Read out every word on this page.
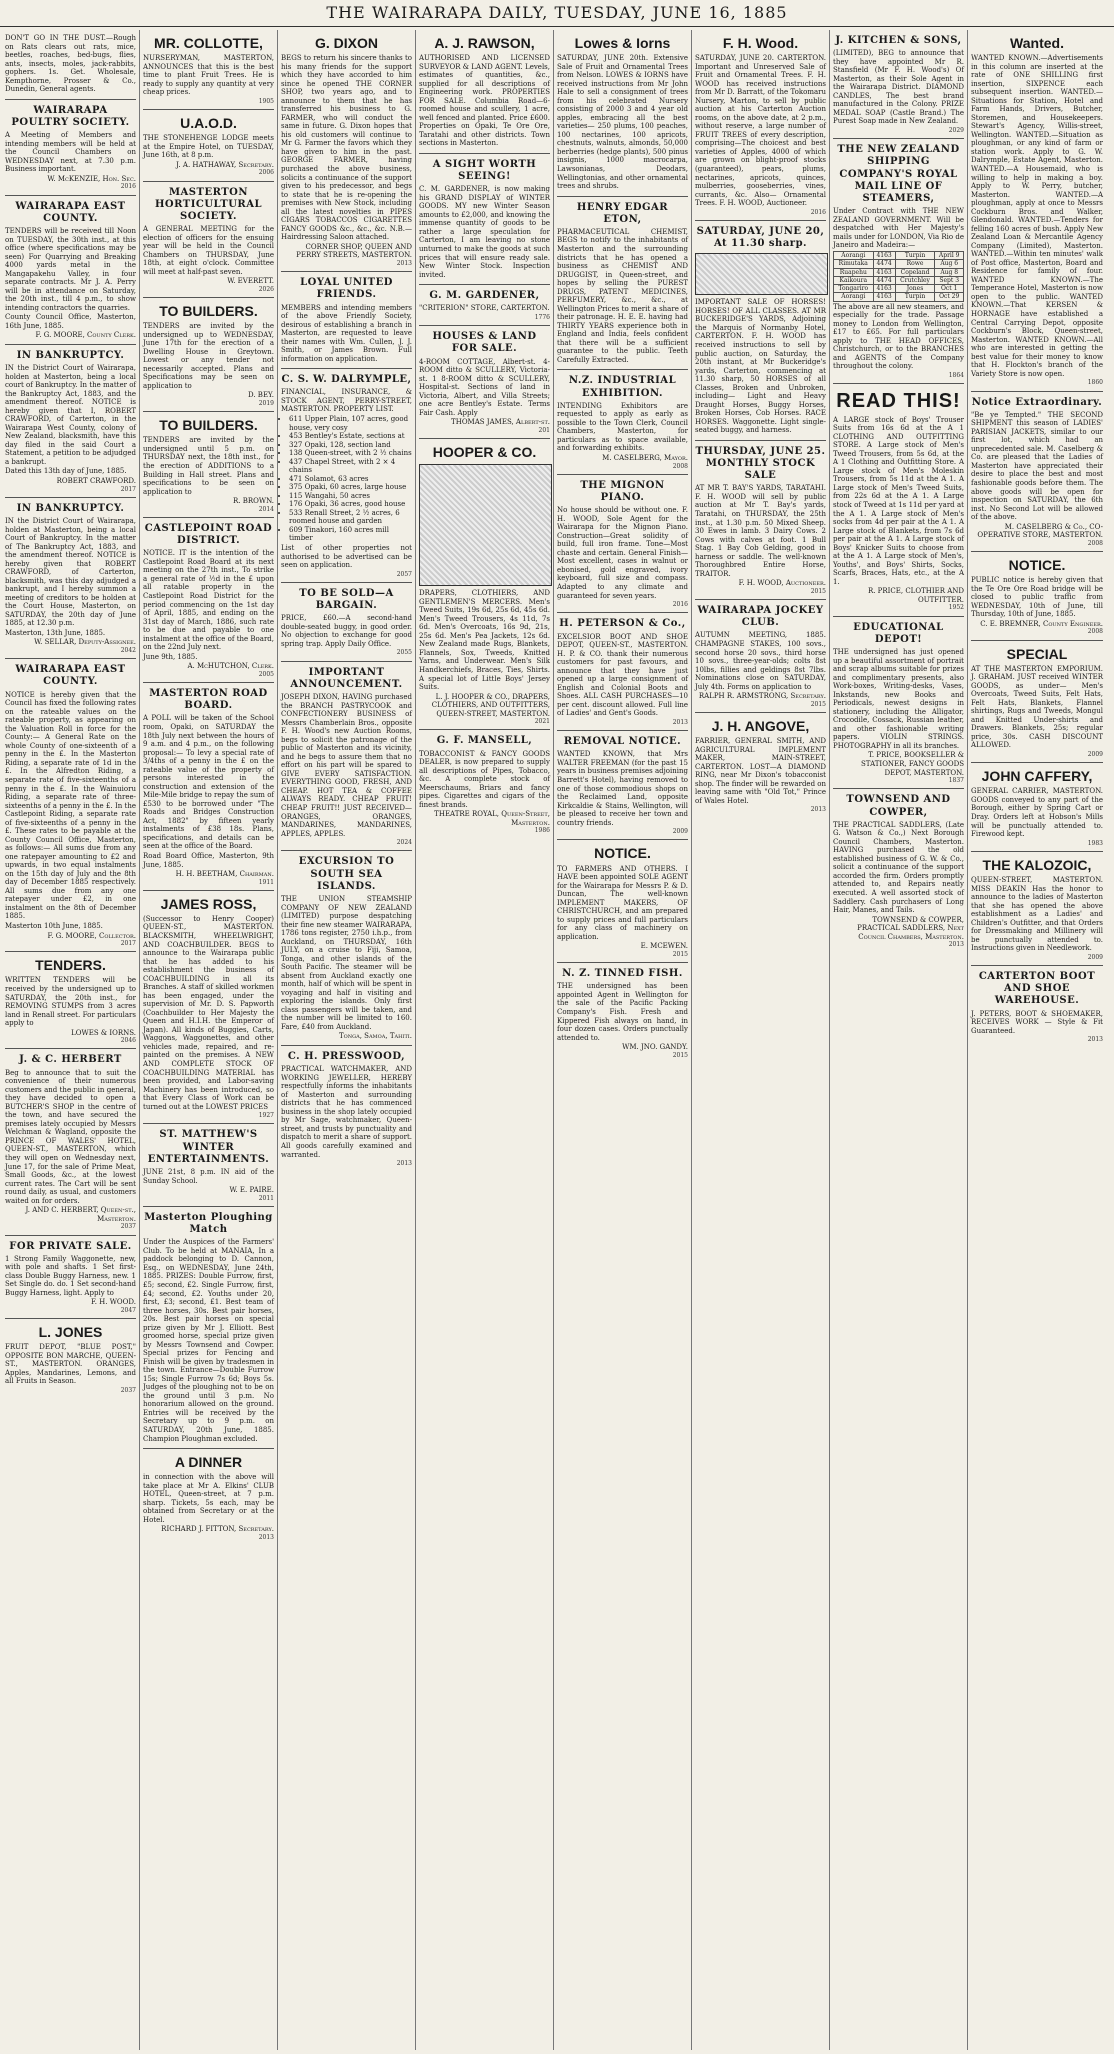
THE WAIRARAPA DAILY, TUESDAY, JUNE 16, 1885
DON'T GO IN THE DUST.—Rough on Rats clears out rats, mice, beetles, roaches, bed-bugs, flies, ants, insects, moles, jack-rabbits, gophers. 1s. Get. Wholesale, Kempthorne, Prosser & Co., Dunedin, General agents.
WAIRARAPA POULTRY SOCIETY.
A Meeting of Members and intending members will be held at the Council Chambers on WEDNESDAY next, at 7.30 p.m. Business important.
W. McKENZIE, Hon. Sec.
2016
WAIRARAPA EAST COUNTY.
TENDERS will be received till Noon on TUESDAY, the 30th inst., at this office (where specifications may be seen) For Quarrying and Breaking 4000 yards metal in the Mangapakehu Valley, in four separate contracts. Mr J. A. Perry will be in attendance on Saturday, the 20th inst., till 4 p.m., to show intending contractors the quarries.
County Council Office, Masterton, 16th June, 1885.
F. G. MOORE, County Clerk.
IN BANKRUPTCY.
IN the District Court of Wairarapa, holden at Masterton, being a local court of Bankruptcy. In the matter of the Bankruptcy Act, 1883, and the amendment thereof. NOTICE is hereby given that I, ROBERT CRAWFORD, of Carterton, in the Wairarapa West County, colony of New Zealand, blacksmith, have this day filed in the said Court a Statement, a petition to be adjudged a bankrupt.
Dated this 13th day of June, 1885.
ROBERT CRAWFORD.
2017
IN BANKRUPTCY.
IN the District Court of Wairarapa, holden at Masterton, being a local Court of Bankruptcy. In the matter of The Bankruptcy Act, 1883, and the amendment thereof. NOTICE is hereby given that ROBERT CRAWFORD, of Carterton, blacksmith, was this day adjudged a bankrupt, and I hereby summon a meeting of creditors to be holden at the Court House, Masterton, on SATURDAY, the 20th day of June 1885, at 12.30 p.m.
Masterton, 13th June, 1885.
W. SELLAR, Deputy-Assignee.
2042
WAIRARAPA EAST COUNTY.
NOTICE is hereby given that the Council has fixed the following rates on the rateable values on the rateable property, as appearing on the Valuation Roll in force for the County:— A General Rate on the whole County of one-sixteenth of a penny in the £. In the Masterton Riding, a separate rate of 1d in the £. In the Alfredton Riding, a separate rate of five-sixteenths of a penny in the £. In the Wainuioru Riding, a separate rate of three-sixteenths of a penny in the £. In the Castlepoint Riding, a separate rate of five-sixteenths of a penny in the £. These rates to be payable at the County Council Office, Masterton, as follows:— All sums due from any one ratepayer amounting to £2 and upwards, in two equal instalments on the 15th day of July and the 8th day of December 1885 respectively. All sums due from any one ratepayer under £2, in one instalment on the 8th of December 1885.
Masterton 10th June, 1885.
F. G. MOORE, Collector.
2017
TENDERS.
WRITTEN TENDERS will be received by the undersigned up to SATURDAY, the 20th inst., for REMOVING STUMPS from 3 acres land in Renall street. For particulars apply to
LOWES & IORNS.
2046
J. & C. HERBERT
Beg to announce that to suit the convenience of their numerous customers and the public in general, they have decided to open a BUTCHER'S SHOP in the centre of the town, and have secured the premises lately occupied by Messrs Welchman & Wagland, opposite the PRINCE OF WALES' HOTEL, QUEEN-ST., MASTERTON, which they will open on Wednesday next, June 17, for the sale of Prime Meat, Small Goods, &c., at the lowest current rates. The Cart will be sent round daily, as usual, and customers waited on for orders.
J. AND C. HERBERT, Queen-st., Masterton.
2037
FOR PRIVATE SALE.
1 Strong Family Waggonette, new, with pole and shafts. 1 Set first-class Double Buggy Harness, new. 1 Set Single do. do. 1 Set second-hand Buggy Harness, light. Apply to
F. H. WOOD.
2047
L. JONES
FRUIT DEPOT, "BLUE POST," OPPOSITE BON MARCHE, QUEEN-ST., MASTERTON. ORANGES, Apples, Mandarines, Lemons, and all Fruits in Season.
2037
MR. COLLOTTE,
NURSERYMAN, MASTERTON, ANNOUNCES that this is the best time to plant Fruit Trees. He is ready to supply any quantity at very cheap prices.
1905
U.A.O.D.
THE STONEHENGE LODGE meets at the Empire Hotel, on TUESDAY, June 16th, at 8 p.m.
J. A. HATHAWAY, Secretary.
2006
MASTERTON HORTICULTURAL SOCIETY.
A GENERAL MEETING for the election of officers for the ensuing year will be held in the Council Chambers on THURSDAY, June 18th, at eight o'clock. Committee will meet at half-past seven.
W. EVERETT.
2026
TO BUILDERS.
TENDERS are invited by the undersigned up to WEDNESDAY, June 17th for the erection of a Dwelling House in Greytown. Lowest or any tender not necessarily accepted. Plans and Specifications may be seen on application to
D. BEY.
2019
TO BUILDERS.
TENDERS are invited by the undersigned until 5 p.m. on THURSDAY next, the 18th inst., for the erection of ADDITIONS to a Building in Hall street. Plans and specifications to be seen on application to
R. BROWN.
2014
CASTLEPOINT ROAD DISTRICT.
NOTICE. IT is the intention of the Castlepoint Road Board at its next meeting on the 27th inst., To strike a general rate of ½d in the £ upon all ratable property in the Castlepoint Road District for the period commencing on the 1st day of April, 1885, and ending on the 31st day of March, 1886, such rate to be due and payable to one instalment at the office of the Board, on the 22nd July next.
June 9th, 1885.
A. McHUTCHON, Clerk.
2005
MASTERTON ROAD BOARD.
A POLL will be taken of the School room, Opaki, on SATURDAY the 18th July next between the hours of 9 a.m. and 4 p.m., on the following proposal:— To levy a special rate of 3/4ths of a penny in the £ on the rateable value of the property of persons interested in the construction and extension of the Mile-Mile bridge to repay the sum of £530 to be borrowed under "The Roads and Bridges Construction Act, 1882" by fifteen yearly instalments of £38 18s. Plans, specifications, and details can be seen at the office of the Board.
Road Board Office, Masterton, 9th June, 1885.
H. H. BEETHAM, Chairman.
1911
JAMES ROSS,
(Successor to Henry Cooper) QUEEN-ST., MASTERTON. BLACKSMITH, WHEELWRIGHT, AND COACHBUILDER. BEGS to announce to the Wairarapa public that he has added to his establishment the business of COACHBUILDING in all its Branches. A staff of skilled workmen has been engaged, under the supervision of Mr. D. S. Papworth (Coachbuilder to Her Majesty the Queen and H.I.H. the Emperor of Japan). All kinds of Buggies, Carts, Waggons, Waggonettes, and other vehicles made, repaired, and re-painted on the premises. A NEW AND COMPLETE STOCK OF COACHBUILDING MATERIAL has been provided, and Labor-saving Machinery has been introduced, so that Every Class of Work can be turned out at the LOWEST PRICES
1927
ST. MATTHEW'S WINTER ENTERTAINMENTS.
JUNE 21st, 8 p.m. IN aid of the Sunday School.
W. E. PAIRE.
2011
Masterton Ploughing Match
Under the Auspices of the Farmers' Club. To be held at MANAIA, In a paddock belonging to D. Cannon, Esq., on WEDNESDAY, June 24th, 1885. PRIZES: Double Furrow, first, £5; second, £2. Single Furrow, first, £4; second, £2. Youths under 20, first, £3; second, £1. Best team of three horses, 30s. Best pair horses, 20s. Best pair horses on special prize given by Mr J. Elliott. Best groomed horse, special prize given by Messrs Townsend and Cowper. Special prizes for Fencing and Finish will be given by tradesmen in the town. Entrance—Double Furrow 15s; Single Furrow 7s 6d; Boys 5s. Judges of the ploughing not to be on the ground until 3 p.m. No honorarium allowed on the ground. Entries will be received by the Secretary up to 9 p.m. on SATURDAY, 20th June, 1885. Champion Ploughman excluded.
A DINNER
in connection with the above will take place at Mr A. Elkins' CLUB HOTEL, Queen-street, at 7 p.m. sharp. Tickets, 5s each, may be obtained from Secretary or at the Hotel.
RICHARD J. FITTON, Secretary.
2013
G. DIXON
BEGS to return his sincere thanks to his many friends for the support which they have accorded to him since he opened THE CORNER SHOP, two years ago, and to announce to them that he has transferred his business to G. FARMER, who will conduct the same in future. G. Dixon hopes that his old customers will continue to Mr G. Farmer the favors which they have given to him in the past. GEORGE FARMER, having purchased the above business, solicits a continuance of the support given to his predecessor, and begs to state that he is re-opening the premises with New Stock, including all the latest novelties in PIPES CIGARS TOBACCOS CIGARETTES FANCY GOODS &c., &c., &c. N.B.—Hairdressing Saloon attached.
CORNER SHOP, QUEEN AND PERRY STREETS, MASTERTON.
2013
LOYAL UNITED FRIENDS.
MEMBERS and intending members of the above Friendly Society, desirous of establishing a branch in Masterton, are requested to leave their names with Wm. Cullen, J. J. Smith, or James Brown. Full information on application.
C. S. W. DALRYMPLE,
FINANCIAL, INSURANCE, & STOCK AGENT, PERRY-STREET, MASTERTON. PROPERTY LIST.
• 611 Upper Plain, 107 acres, good house, very cosy
• 453 Bentley's Estate, sections at
• 327 Opaki, 128, section land
• 138 Queen-street, with 2 ½ chains
• 437 Chapel Street, with 2 × 4 chains
• 471 Solamot, 63 acres
• 375 Opaki, 60 acres, large house
• 115 Wangahi, 50 acres
• 176 Opaki, 36 acres, good house
• 533 Renall Street, 2 ½ acres, 6 roomed house and garden
• 609 Tinakori, 160 acres mill timber
List of other properties not authorised to be advertised can be seen on application.
2057
TO BE SOLD—A BARGAIN.
PRICE, £60.—A second-hand double-seated buggy, in good order. No objection to exchange for good spring trap. Apply Daily Office.
2055
IMPORTANT ANNOUNCEMENT.
JOSEPH DIXON, HAVING purchased the BRANCH PASTRYCOOK and CONFECTIONERY BUSINESS of Messrs Chamberlain Bros., opposite F. H. Wood's new Auction Rooms, begs to solicit the patronage of the public of Masterton and its vicinity, and he begs to assure them that no effort on his part will be spared to GIVE EVERY SATISFACTION. EVERYTHING GOOD, FRESH, AND CHEAP. HOT TEA & COFFEE ALWAYS READY. CHEAP FRUIT! CHEAP FRUIT!! JUST RECEIVED— ORANGES, ORANGES, MANDARINES, MANDARINES, APPLES, APPLES.
2024
EXCURSION TO SOUTH SEA ISLANDS.
THE UNION STEAMSHIP COMPANY OF NEW ZEALAND (LIMITED) purpose despatching their fine new steamer WAIRARAPA, 1786 tons register, 2750 i.h.p., from Auckland, on THURSDAY, 16th JULY, on a cruise to Fiji, Samoa, Tonga, and other islands of the South Pacific. The steamer will be absent from Auckland exactly one month, half of which will be spent in voyaging and half in visiting and exploring the islands. Only first class passengers will be taken, and the number will be limited to 160. Fare, £40 from Auckland.
Tonga, Samoa, Tahiti.
C. H. PRESSWOOD,
PRACTICAL WATCHMAKER, AND WORKING JEWELLER, HEREBY respectfully informs the inhabitants of Masterton and surrounding districts that he has commenced business in the shop lately occupied by Mr Sage, watchmaker, Queen-street, and trusts by punctuality and dispatch to merit a share of support. All goods carefully examined and warranted.
2013
A. J. RAWSON,
AUTHORISED AND LICENSED SURVEYOR & LAND AGENT. Levels, estimates of quantities, &c., supplied for all descriptions of Engineering work. PROPERTIES FOR SALE. Columbia Road—6-roomed house and scullery, 1 acre, well fenced and planted. Price £600. Properties on Opaki, Te Ore Ore, Taratahi and other districts. Town sections in Masterton.
A SIGHT WORTH SEEING!
C. M. GARDENER, is now making his GRAND DISPLAY of WINTER GOODS. MY new Winter Season amounts to £2,000, and knowing the immense quantity of goods to be rather a large speculation for Carterton, I am leaving no stone unturned to make the goods at such prices that will ensure ready sale. New Winter Stock. Inspection invited.
G. M. GARDENER,
"CRITERION" STORE, CARTERTON.
1776
HOUSES & LAND FOR SALE.
4-ROOM COTTAGE, Albert-st. 4-ROOM ditto & SCULLERY, Victoria-st. 1 8-ROOM ditto & SCULLERY, Hospital-st. Sections of land in Victoria, Albert, and Villa Streets; one acre Bentley's Estate. Terms Fair Cash. Apply
THOMAS JAMES, Albert-st.
201
HOOPER & CO.
DRAPERS, CLOTHIERS, AND GENTLEMEN'S MERCERS. Men's Tweed Suits, 19s 6d, 25s 6d, 45s 6d. Men's Tweed Trousers, 4s 11d, 7s 6d. Men's Overcoats, 16s 9d, 21s, 25s 6d. Men's Pea Jackets, 12s 6d. New Zealand made Rugs, Blankets, Flannels, Sox, Tweeds, Knitted Yarns, and Underwear. Men's Silk Handkerchiefs, Braces, Ties, Shirts. A special lot of Little Boys' Jersey Suits.
L. J. HOOPER & CO., DRAPERS, CLOTHIERS, AND OUTFITTERS, QUEEN-STREET, MASTERTON.
2021
G. F. MANSELL,
TOBACCONIST & FANCY GOODS DEALER, is now prepared to supply all descriptions of Pipes, Tobacco, &c. A complete stock of Meerschaums, Briars and fancy pipes. Cigarettes and cigars of the finest brands.
THEATRE ROYAL, Queen-Street, Masterton.
1986
Lowes & Iorns
SATURDAY, JUNE 20th. Extensive Sale of Fruit and Ornamental Trees from Nelson. LOWES & IORNS have received instructions from Mr John Hale to sell a consignment of trees from his celebrated Nursery consisting of 2000 3 and 4 year old apples, embracing all the best varieties— 250 plums, 100 peaches, 100 nectarines, 100 apricots, chestnuts, walnuts, almonds, 50,000 berberries (hedge plants), 500 pinus insignis, 1000 macrocarpa, Lawsonianas, Deodars, Wellingtonias, and other ornamental trees and shrubs.
HENRY EDGAR ETON,
PHARMACEUTICAL CHEMIST, BEGS to notify to the inhabitants of Masterton and the surrounding districts that he has opened a business as CHEMIST AND DRUGGIST, in Queen-street, and hopes by selling the PUREST DRUGS, PATENT MEDICINES, PERFUMERY, &c., &c., at Wellington Prices to merit a share of their patronage. H. E. E. having had THIRTY YEARS experience both in England and India, feels confident that there will be a sufficient guarantee to the public. Teeth Carefully Extracted.
N.Z. INDUSTRIAL EXHIBITION.
INTENDING Exhibitors are requested to apply as early as possible to the Town Clerk, Council Chambers, Masterton, for particulars as to space available, and forwarding exhibits.
M. CASELBERG, Mayor.
2008
THE MIGNON PIANO.
No house should be without one. F. H. WOOD, Sole Agent for the Wairarapa for the Mignon Piano. Construction—Great solidity of build, full iron frame. Tone—Most chaste and certain. General Finish—Most excellent, cases in walnut or ebonised, gold engraved, ivory keyboard, full size and compass. Adapted to any climate and guaranteed for seven years.
2016
H. PETERSON & Co.,
EXCELSIOR BOOT AND SHOE DEPOT, QUEEN-ST., MASTERTON. H. P. & CO. thank their numerous customers for past favours, and announce that they have just opened up a large consignment of English and Colonial Boots and Shoes. ALL CASH PURCHASES—10 per cent. discount allowed. Full line of Ladies' and Gent's Goods.
2013
REMOVAL NOTICE.
WANTED KNOWN, that Mrs WALTER FREEMAN (for the past 15 years in business premises adjoining Barrett's Hotel), having removed to one of those commodious shops on the Reclaimed Land, opposite Kirkcaldie & Stains, Wellington, will be pleased to receive her town and country friends.
2009
NOTICE.
TO FARMERS AND OTHERS. I HAVE been appointed SOLE AGENT for the Wairarapa for Messrs P. & D. Duncan, The well-known IMPLEMENT MAKERS, OF CHRISTCHURCH, and am prepared to supply prices and full particulars for any class of machinery on application.
E. MCEWEN.
2015
N. Z. TINNED FISH.
THE undersigned has been appointed Agent in Wellington for the sale of the Pacific Packing Company's Fish. Fresh and Kippered Fish always on hand, in four dozen cases. Orders punctually attended to.
WM. JNO. GANDY.
2015
F. H. Wood.
SATURDAY, JUNE 20. CARTERTON. Important and Unreserved Sale of Fruit and Ornamental Trees. F. H. WOOD has received instructions from Mr D. Barratt, of the Tokomaru Nursery, Marton, to sell by public auction at his Carterton Auction rooms, on the above date, at 2 p.m., without reserve, a large number of FRUIT TREES of every description, comprising—The choicest and best varieties of Apples, 4000 of which are grown on blight-proof stocks (guaranteed), pears, plums, nectarines, apricots, quinces, mulberries, gooseberries, vines, currants, &c. Also— Ornamental Trees. F. H. WOOD, Auctioneer.
2016
SATURDAY, JUNE 20, At 11.30 sharp.
IMPORTANT SALE OF HORSES! HORSES! OF ALL CLASSES. AT MR BUCKERIDGE'S YARDS, Adjoining the Marquis of Normanby Hotel, CARTERTON. F. H. WOOD has received instructions to sell by public auction, on Saturday, the 20th instant, at Mr Buckeridge's yards, Carterton, commencing at 11.30 sharp, 50 HORSES of all Classes, Broken and Unbroken, including— Light and Heavy Draught Horses, Buggy Horses, Broken Horses, Cob Horses. RACE HORSES. Waggonette. Light single-seated buggy, and harness.
THURSDAY, JUNE 25. MONTHLY STOCK SALE
AT MR T. BAY'S YARDS, TARATAHI. F. H. WOOD will sell by public auction at Mr T. Bay's yards, Taratahi, on THURSDAY, the 25th inst., at 1.30 p.m. 50 Mixed Sheep. 30 Ewes in lamb. 3 Dairy Cows. 2 Cows with calves at foot. 1 Bull Stag. 1 Bay Cob Gelding, good in harness or saddle. The well-known Thoroughbred Entire Horse, TRAITOR.
F. H. WOOD, Auctioneer.
2015
WAIRARAPA JOCKEY CLUB.
AUTUMN MEETING, 1885. CHAMPAGNE STAKES, 100 sovs., second horse 20 sovs., third horse 10 sovs., three-year-olds; colts 8st 10lbs, fillies and geldings 8st 7lbs. Nominations close on SATURDAY, July 4th. Forms on application to
RALPH R. ARMSTRONG, Secretary.
2015
J. H. ANGOVE,
FARRIER, GENERAL SMITH, AND AGRICULTURAL IMPLEMENT MAKER, MAIN-STREET, CARTERTON. LOST—A DIAMOND RING, near Mr Dixon's tobacconist shop. The finder will be rewarded on leaving same with "Old Tot," Prince of Wales Hotel.
2013
J. KITCHEN & SONS,
(LIMITED), BEG to announce that they have appointed Mr R. Stansfield (Mr F. H. Wood's) Of Masterton, as their Sole Agent in the Wairarapa District. DIAMOND CANDLES, The best brand manufactured in the Colony. PRIZE MEDAL SOAP (Castle Brand.) The Purest Soap made in New Zealand.
2029
THE NEW ZEALAND SHIPPING COMPANY'S ROYAL MAIL LINE OF STEAMERS,
Under Contract with THE NEW ZEALAND GOVERNMENT. Will be despatched with Her Majesty's mails under for LONDON, Via Rio de Janeiro and Madeira:—
Aorangi	4163	Turpin	April 9
Rimutaka	4474	Rowe	Aug 6
Ruapehu	4163	Copeland	Aug 8
Kaikoura	4474	Crutchley	Sept 3
Tongariro	4163	Jones	Oct 1
Aorangi	4163	Turpin	Oct 29
The above are all new steamers, and especially for the trade. Passage money to London from Wellington, £17 to £65. For full particulars apply to THE HEAD OFFICES, Christchurch, or to the BRANCHES and AGENTS of the Company throughout the colony.
1864
READ THIS!
A LARGE stock of Boys' Trouser Suits from 16s 6d at the A 1 CLOTHING AND OUTFITTING STORE. A Large stock of Men's Tweed Trousers, from 5s 6d, at the A 1 Clothing and Outfitting Store. A Large stock of Men's Moleskin Trousers, from 5s 11d at the A 1. A Large stock of Men's Tweed Suits, from 22s 6d at the A 1. A Large stock of Tweed at 1s 11d per yard at the A 1. A Large stock of Men's socks from 4d per pair at the A 1. A Large stock of Blankets, from 7s 6d per pair at the A 1. A Large stock of Boys' Knicker Suits to choose from at the A 1. A Large stock of Men's, Youths', and Boys' Shirts, Socks, Scarfs, Braces, Hats, etc., at the A 1.
R. PRICE, CLOTHIER AND OUTFITTER.
1952
EDUCATIONAL DEPOT!
THE undersigned has just opened up a beautiful assortment of portrait and scrap albums suitable for prizes and complimentary presents, also Work-boxes, Writing-desks, Vases, Inkstands, new Books and Periodicals, newest designs in stationery, including the Alligator, Crocodile, Cossack, Russian leather, and other fashionable writing papers. VIOLIN STRINGS. PHOTOGRAPHY in all its branches.
T. PRICE, BOOKSELLER & STATIONER, FANCY GOODS DEPOT, MASTERTON.
1837
TOWNSEND AND COWPER,
THE PRACTICAL SADDLERS, (Late G. Watson & Co.,) Next Borough Council Chambers, Masterton. HAVING purchased the old established business of G. W. & Co., solicit a continuance of the support accorded the firm. Orders promptly attended to, and Repairs neatly executed. A well assorted stock of Saddlery. Cash purchasers of Long Hair, Manes, and Tails.
TOWNSEND & COWPER, PRACTICAL SADDLERS, Next Council Chambers, Masterton.
2013
Wanted.
WANTED KNOWN.—Advertisements in this column are inserted at the rate of ONE SHILLING first insertion, SIXPENCE each subsequent insertion. WANTED.—Situations for Station, Hotel and Farm Hands, Drivers, Butcher, Storemen, and Housekeepers. Stewart's Agency, Willis-street, Wellington. WANTED.—Situation as ploughman, or any kind of farm or station work. Apply to G. W. Dalrymple, Estate Agent, Masterton. WANTED.—A Housemaid, who is willing to help in making a boy. Apply to W. Perry, butcher, Masterton. WANTED.—A ploughman, apply at once to Messrs Cockburn Bros. and Walker, Glendonald. WANTED.—Tenders for felling 160 acres of bush. Apply New Zealand Loan & Mercantile Agency Company (Limited), Masterton. WANTED.—Within ten minutes' walk of Post office, Masterton, Board and Residence for family of four. WANTED KNOWN.—The Temperance Hotel, Masterton is now open to the public. WANTED KNOWN.—That KERSEN & HORNAGE have established a Central Carrying Depot, opposite Cockburn's Block, Queen-street, Masterton. WANTED KNOWN.—All who are interested in getting the best value for their money to know that H. Flockton's branch of the Variety Store is now open.
1860
Notice Extraordinary.
"Be ye Tempted." THE SECOND SHIPMENT this season of LADIES' PARISIAN JACKETS, similar to our first lot, which had an unprecedented sale. M. Caselberg & Co. are pleased that the Ladies of Masterton have appreciated their desire to place the best and most fashionable goods before them. The above goods will be open for inspection on SATURDAY, the 6th inst. No Second Lot will be allowed of the above.
M. CASELBERG & Co., CO-OPERATIVE STORE, MASTERTON.
2008
NOTICE.
PUBLIC notice is hereby given that the Te Ore Ore Road bridge will be closed to public traffic from WEDNESDAY, 10th of June, till Thursday, 10th of June, 1885.
C. E. BREMNER, County Engineer.
2008
SPECIAL
AT THE MASTERTON EMPORIUM. J. GRAHAM. JUST received WINTER GOODS, as under— Men's Overcoats, Tweed Suits, Felt Hats, Felt Hats, Blankets, Flannel shirtings, Rugs and Tweeds, Mongul and Knitted Under-shirts and Drawers. Blankets, 25s; regular price, 30s. CASH DISCOUNT ALLOWED.
2009
JOHN CAFFERY,
GENERAL CARRIER, MASTERTON. GOODS conveyed to any part of the Borough, either by Spring Cart or Dray. Orders left at Hobson's Mills will be punctually attended to. Firewood kept.
1983
THE KALOZOIC,
QUEEN-STREET, MASTERTON. MISS DEAKIN Has the honor to announce to the ladies of Masterton that she has opened the above establishment as a Ladies' and Children's Outfitter, and that Orders for Dressmaking and Millinery will be punctually attended to. Instructions given in Needlework.
2009
CARTERTON BOOT AND SHOE WAREHOUSE.
J. PETERS, BOOT & SHOEMAKER, RECEIVES WORK — Style & Fit Guaranteed.
2013
